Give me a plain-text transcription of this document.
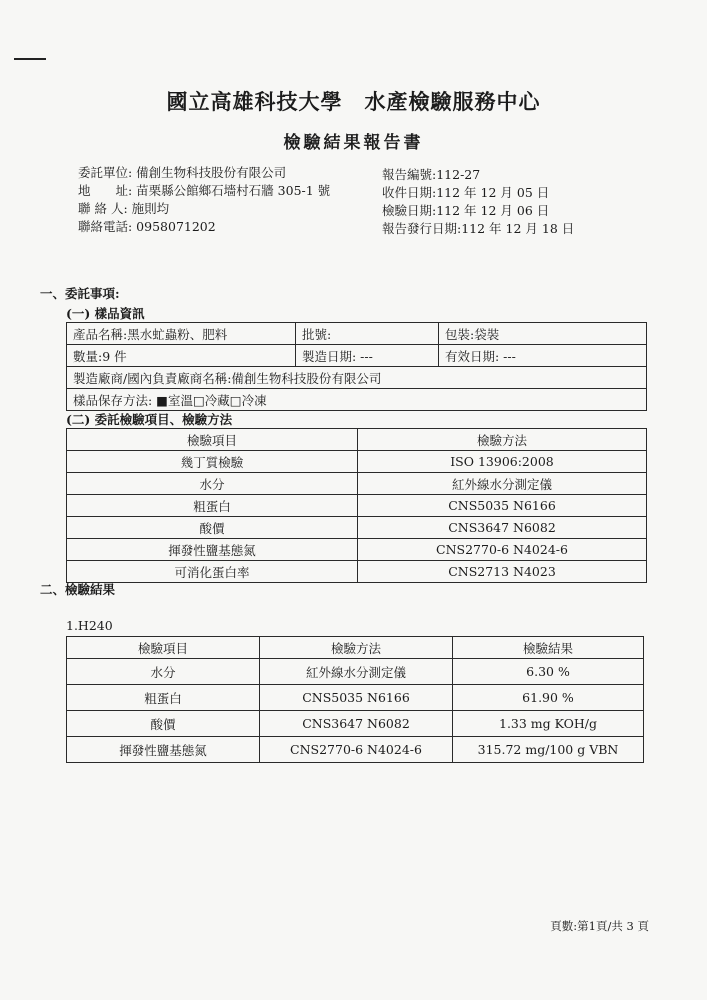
國立高雄科技大學　水產檢驗服務中心
檢驗結果報告書
委託單位: 備創生物科技股份有限公司
地　　址: 苗栗縣公館鄉石墻村石牆 305-1 號
聯 絡 人: 施則均
聯絡電話: 0958071202
報告編號:112-27
收件日期:112 年 12 月 05 日
檢驗日期:112 年 12 月 06 日
報告發行日期:112 年 12 月 18 日
一、委託事項:
(一) 樣品資訊
產品名稱:黑水虻蟲粉、肥料	批號:	包裝:袋裝
數量:9 件	製造日期: ---	有效日期: ---
製造廠商/國內負責廠商名稱:備創生物科技股份有限公司		
樣品保存方法: ■室溫□冷藏□冷凍		
(二) 委託檢驗項目、檢驗方法
檢驗項目	檢驗方法
幾丁質檢驗	ISO 13906:2008
水分	紅外線水分測定儀
粗蛋白	CNS5035 N6166
酸價	CNS3647 N6082
揮發性鹽基態氮	CNS2770-6 N4024-6
可消化蛋白率	CNS2713 N4023
二、檢驗結果
1.H240
檢驗項目	檢驗方法	檢驗結果
水分	紅外線水分測定儀	6.30 %
粗蛋白	CNS5035 N6166	61.90 %
酸價	CNS3647 N6082	1.33 mg KOH/g
揮發性鹽基態氮	CNS2770-6 N4024-6	315.72 mg/100 g VBN
頁數:第1頁/共 3 頁
